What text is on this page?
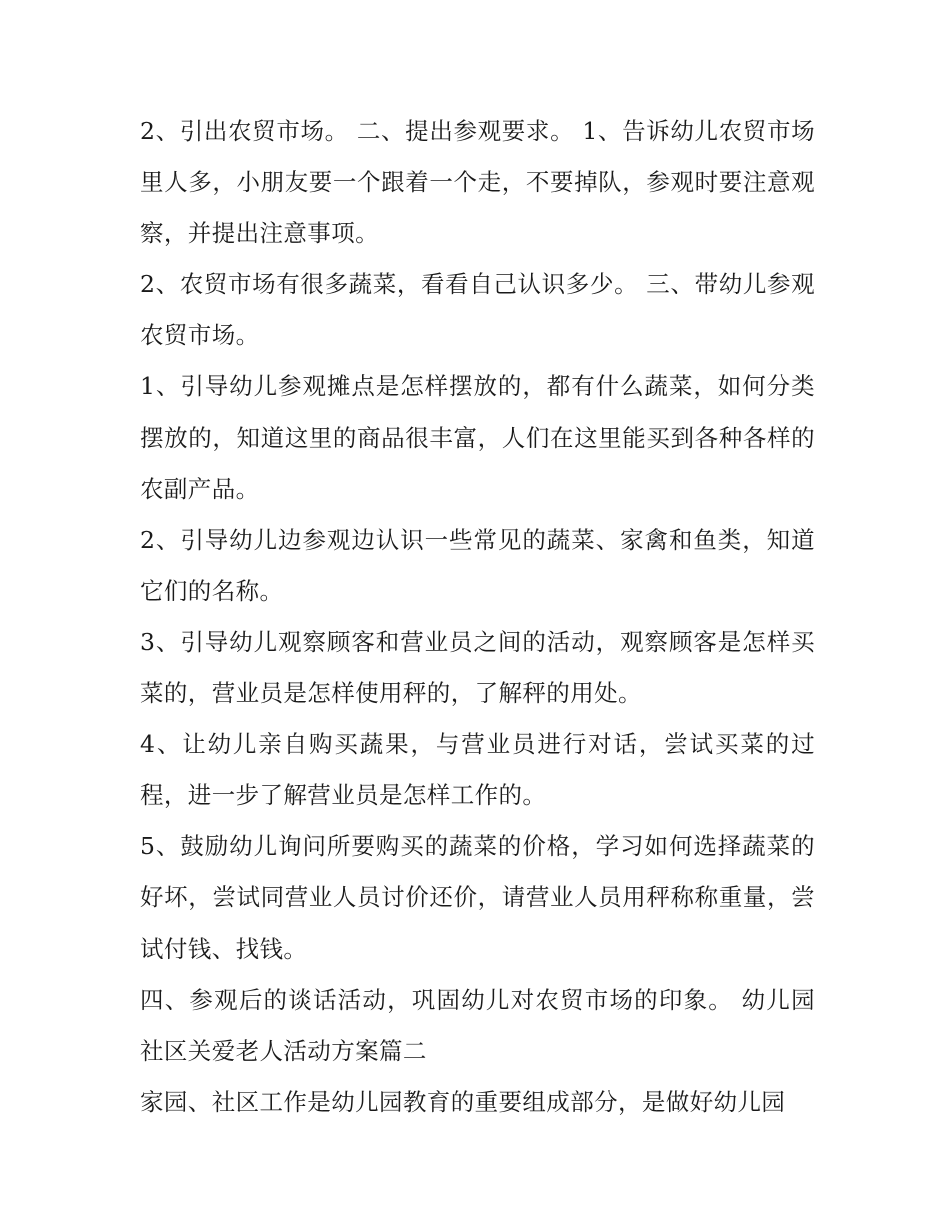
2、引出农贸市场。 二、提出参观要求。 1、告诉幼儿农贸市场里人多，小朋友要一个跟着一个走，不要掉队，参观时要注意观察，并提出注意事项。

2、农贸市场有很多蔬菜，看看自己认识多少。 三、带幼儿参观农贸市场。

1、引导幼儿参观摊点是怎样摆放的，都有什么蔬菜，如何分类摆放的，知道这里的商品很丰富，人们在这里能买到各种各样的农副产品。

2、引导幼儿边参观边认识一些常见的蔬菜、家禽和鱼类，知道它们的名称。

3、引导幼儿观察顾客和营业员之间的活动，观察顾客是怎样买菜的，营业员是怎样使用秤的，了解秤的用处。

4、让幼儿亲自购买蔬果，与营业员进行对话，尝试买菜的过程，进一步了解营业员是怎样工作的。

5、鼓励幼儿询问所要购买的蔬菜的价格，学习如何选择蔬菜的好坏，尝试同营业人员讨价还价，请营业人员用秤称称重量，尝试付钱、找钱。

四、参观后的谈话活动，巩固幼儿对农贸市场的印象。 幼儿园社区关爱老人活动方案篇二

家园、社区工作是幼儿园教育的重要组成部分，是做好幼儿园
